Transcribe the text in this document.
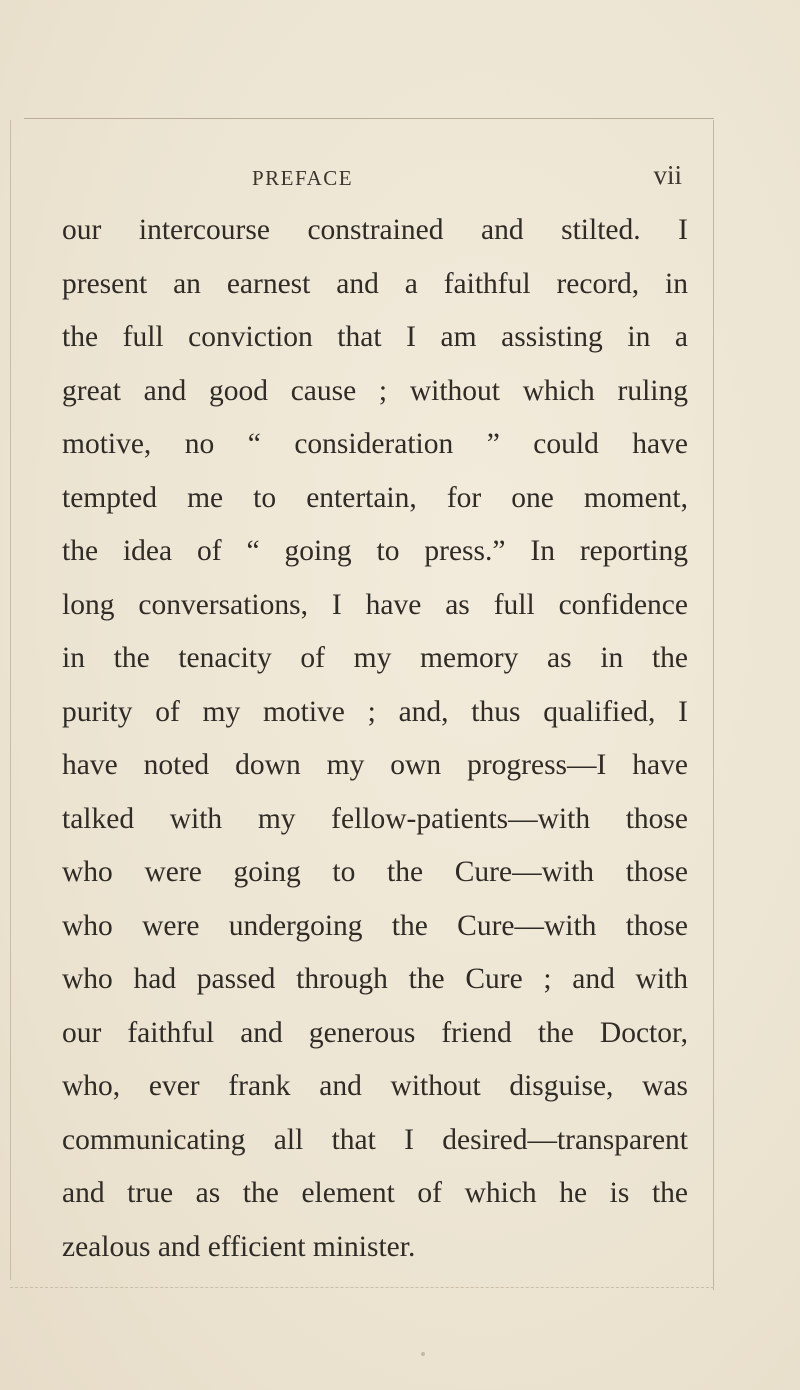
PREFACE	vii
our intercourse constrained and stilted. I
present an earnest and a faithful record, in
the full conviction that I am assisting in a
great and good cause ; without which ruling
motive, no “ consideration ” could have
tempted me to entertain, for one moment,
the idea of “ going to press.” In reporting
long conversations, I have as full confidence
in the tenacity of my memory as in the
purity of my motive ; and, thus qualified, I
have noted down my own progress—I have
talked with my fellow-patients—with those
who were going to the Cure—with those
who were undergoing the Cure—with those
who had passed through the Cure ; and with
our faithful and generous friend the Doctor,
who, ever frank and without disguise, was
communicating all that I desired—transparent
and true as the element of which he is the
zealous and efficient minister.
